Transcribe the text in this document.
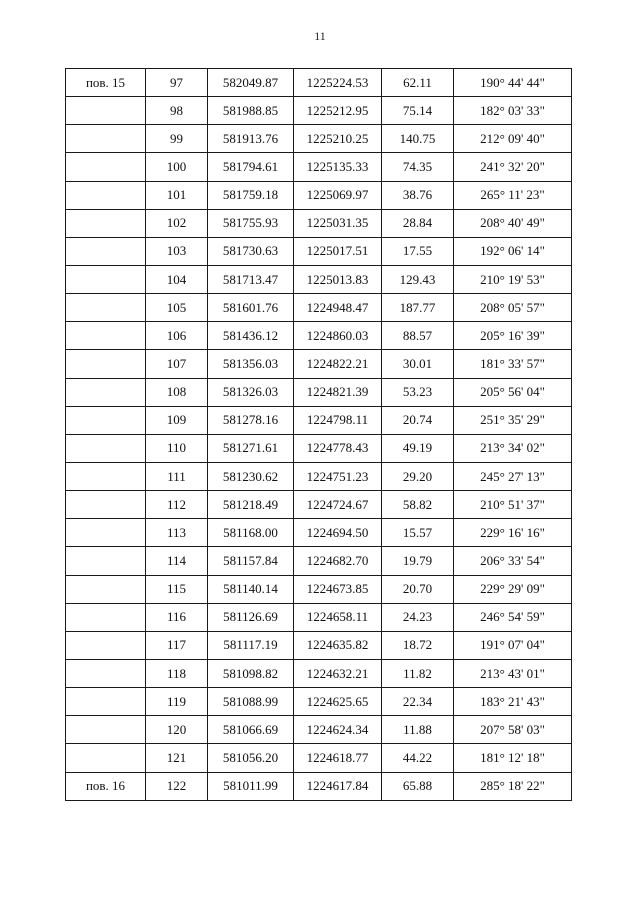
11
пов. 15	97	582049.87	1225224.53	62.11	190° 44' 44"
	98	581988.85	1225212.95	75.14	182° 03' 33"
	99	581913.76	1225210.25	140.75	212° 09' 40"
	100	581794.61	1225135.33	74.35	241° 32' 20"
	101	581759.18	1225069.97	38.76	265° 11' 23"
	102	581755.93	1225031.35	28.84	208° 40' 49"
	103	581730.63	1225017.51	17.55	192° 06' 14"
	104	581713.47	1225013.83	129.43	210° 19' 53"
	105	581601.76	1224948.47	187.77	208° 05' 57"
	106	581436.12	1224860.03	88.57	205° 16' 39"
	107	581356.03	1224822.21	30.01	181° 33' 57"
	108	581326.03	1224821.39	53.23	205° 56' 04"
	109	581278.16	1224798.11	20.74	251° 35' 29"
	110	581271.61	1224778.43	49.19	213° 34' 02"
	111	581230.62	1224751.23	29.20	245° 27' 13"
	112	581218.49	1224724.67	58.82	210° 51' 37"
	113	581168.00	1224694.50	15.57	229° 16' 16"
	114	581157.84	1224682.70	19.79	206° 33' 54"
	115	581140.14	1224673.85	20.70	229° 29' 09"
	116	581126.69	1224658.11	24.23	246° 54' 59"
	117	581117.19	1224635.82	18.72	191° 07' 04"
	118	581098.82	1224632.21	11.82	213° 43' 01"
	119	581088.99	1224625.65	22.34	183° 21' 43"
	120	581066.69	1224624.34	11.88	207° 58' 03"
	121	581056.20	1224618.77	44.22	181° 12' 18"
пов. 16	122	581011.99	1224617.84	65.88	285° 18' 22"
